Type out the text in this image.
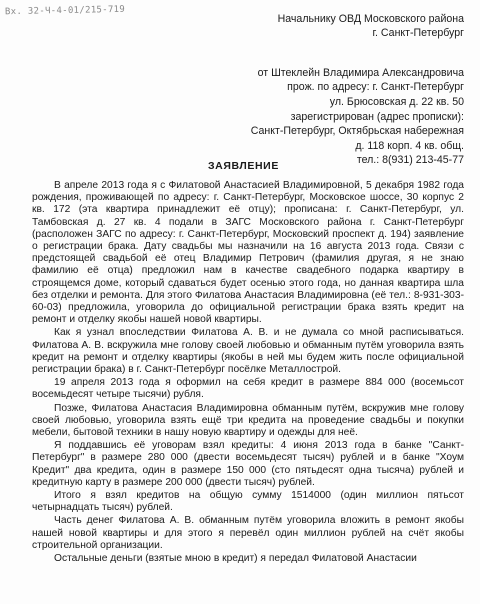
Вх. 32-Ч-4-01/215-719
Начальнику ОВД Московского района
г. Санкт-Петербург
от Штеклейн Владимира Александровича
прож. по адресу: г. Санкт-Петербург
ул. Брюсовская д. 22 кв. 50
зарегистрирован (адрес прописки):
Санкт-Петербург, Октябрьская набережная
д. 118 корп. 4 кв. общ.
тел.: 8(931) 213-45-77
ЗАЯВЛЕНИЕ

В апреле 2013 года я с Филатовой Анастасией Владимировной, 5 декабря 1982 года рождения, проживающей по адресу: г. Санкт-Петербург, Московское шоссе, 30 корпус 2 кв. 172 (эта квартира принадлежит её отцу); прописана: г. Санкт-Петербург, ул. Тамбовская д. 27 кв. 4 подали в ЗАГС Московского района г. Санкт-Петербург (расположен ЗАГС по адресу: г. Санкт-Петербург, Московский проспект д. 194) заявление о регистрации брака. Дату свадьбы мы назначили на 16 августа 2013 года. Связи с предстоящей свадьбой её отец Владимир Петрович (фамилия другая, я не знаю фамилию её отца) предложил нам в качестве свадебного подарка квартиру в строящемся доме, который сдаваться будет осенью этого года, но данная квартира шла без отделки и ремонта. Для этого Филатова Анастасия Владимировна (её тел.: 8-931-303-60-03) предложила, уговорила до официальной регистрации брака взять кредит на ремонт и отделку якобы нашей новой квартиры.

Как я узнал впоследствии Филатова А. В. и не думала со мной расписываться. Филатова А. В. вскружила мне голову своей любовью и обманным путём уговорила взять кредит на ремонт и отделку квартиры (якобы в ней мы будем жить после официальной регистрации брака) в г. Санкт-Петербург посёлке Металлострой.

19 апреля 2013 года я оформил на себя кредит в размере 884 000 (восемьсот восемьдесят четыре тысячи) рубля.

Позже, Филатова Анастасия Владимировна обманным путём, вскружив мне голову своей любовью, уговорила взять ещё три кредита на проведение свадьбы и покупки мебели, бытовой техники в нашу новую квартиру и одежды для неё.

Я поддавшись её уговорам взял кредиты: 4 июня 2013 года в банке "Санкт-Петербург" в размере 280 000 (двести восемьдесят тысяч) рублей и в банке "Хоум Кредит" два кредита, один в размере 150 000 (сто пятьдесят одна тысяча) рублей и кредитную карту в размере 200 000 (двести тысяч) рублей.

Итого я взял кредитов на общую сумму 1514000 (один миллион пятьсот четырнадцать тысяч) рублей.

Часть денег Филатова А. В. обманным путём уговорила вложить в ремонт якобы нашей новой квартиры и для этого я перевёл один миллион рублей на счёт якобы строительной организации.

Остальные деньги (взятые мною в кредит) я передал Филатовой Анастасии
